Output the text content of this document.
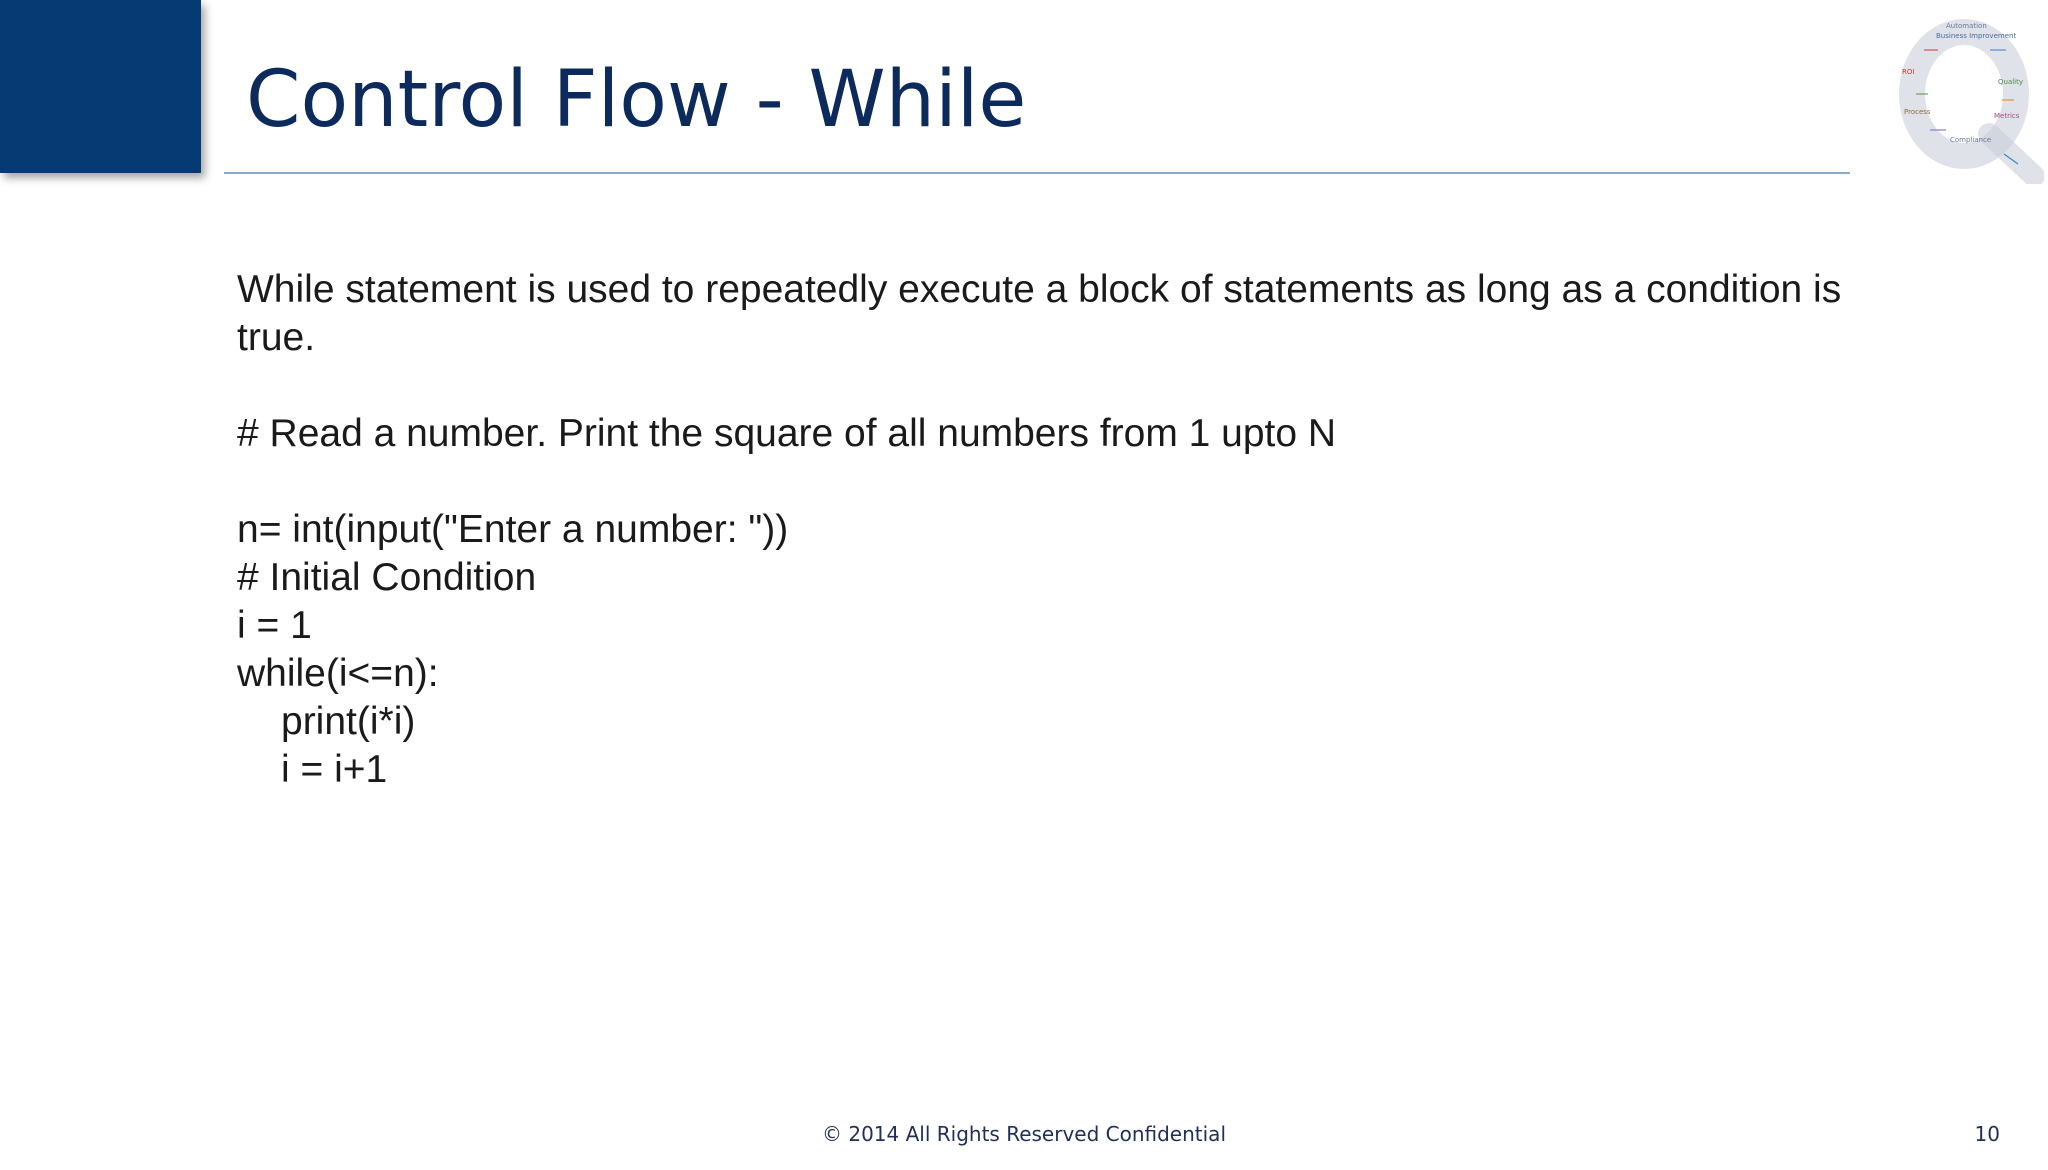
Control Flow - While
Automation
Business Improvement
Compliance
ROI
Quality
Process	Metrics

While statement is used to repeatedly execute a block of statements as long as a condition is true.

# Read a number. Print the square of all numbers from 1 upto N

n= int(input("Enter a number: "))

# Initial Condition

i = 1

while(i<=n):

print(i*i)

i = i+1

© 2014 All Rights Reserved Confidential	10
